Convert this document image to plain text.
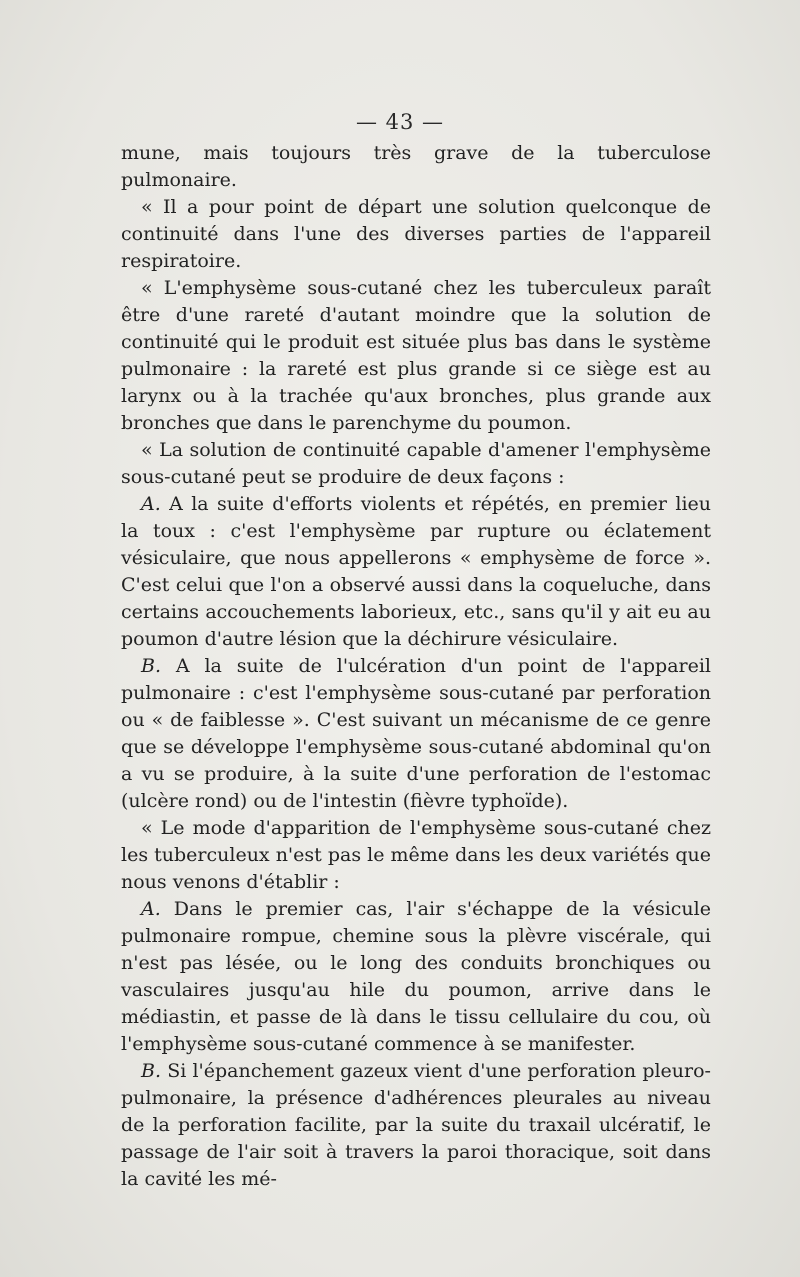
— 43 —

mune, mais toujours très grave de la tuberculose pulmonaire.

« Il a pour point de départ une solution quelconque de continuité dans l'une des diverses parties de l'appareil respiratoire.

« L'emphysème sous-cutané chez les tuberculeux paraît être d'une rareté d'autant moindre que la solution de continuité qui le produit est située plus bas dans le système pulmonaire : la rareté est plus grande si ce siège est au larynx ou à la trachée qu'aux bronches, plus grande aux bronches que dans le parenchyme du poumon.

« La solution de continuité capable d'amener l'emphysème sous-cutané peut se produire de deux façons :

A. A la suite d'efforts violents et répétés, en premier lieu la toux : c'est l'emphysème par rupture ou éclatement vésiculaire, que nous appellerons « emphysème de force ». C'est celui que l'on a observé aussi dans la coqueluche, dans certains accouchements laborieux, etc., sans qu'il y ait eu au poumon d'autre lésion que la déchirure vésiculaire.

B. A la suite de l'ulcération d'un point de l'appareil pulmonaire : c'est l'emphysème sous-cutané par perforation ou « de faiblesse ». C'est suivant un mécanisme de ce genre que se développe l'emphysème sous-cutané abdominal qu'on a vu se produire, à la suite d'une perforation de l'estomac (ulcère rond) ou de l'intestin (fièvre typhoïde).

« Le mode d'apparition de l'emphysème sous-cutané chez les tuberculeux n'est pas le même dans les deux variétés que nous venons d'établir :

A. Dans le premier cas, l'air s'échappe de la vésicule pulmonaire rompue, chemine sous la plèvre viscérale, qui n'est pas lésée, ou le long des conduits bronchiques ou vasculaires jusqu'au hile du poumon, arrive dans le médiastin, et passe de là dans le tissu cellulaire du cou, où l'emphysème sous-cutané commence à se manifester.

B. Si l'épanchement gazeux vient d'une perforation pleuro-pulmonaire, la présence d'adhérences pleurales au niveau de la perforation facilite, par la suite du traxail ulcératif, le passage de l'air soit à travers la paroi thoracique, soit dans la cavité les mé-
